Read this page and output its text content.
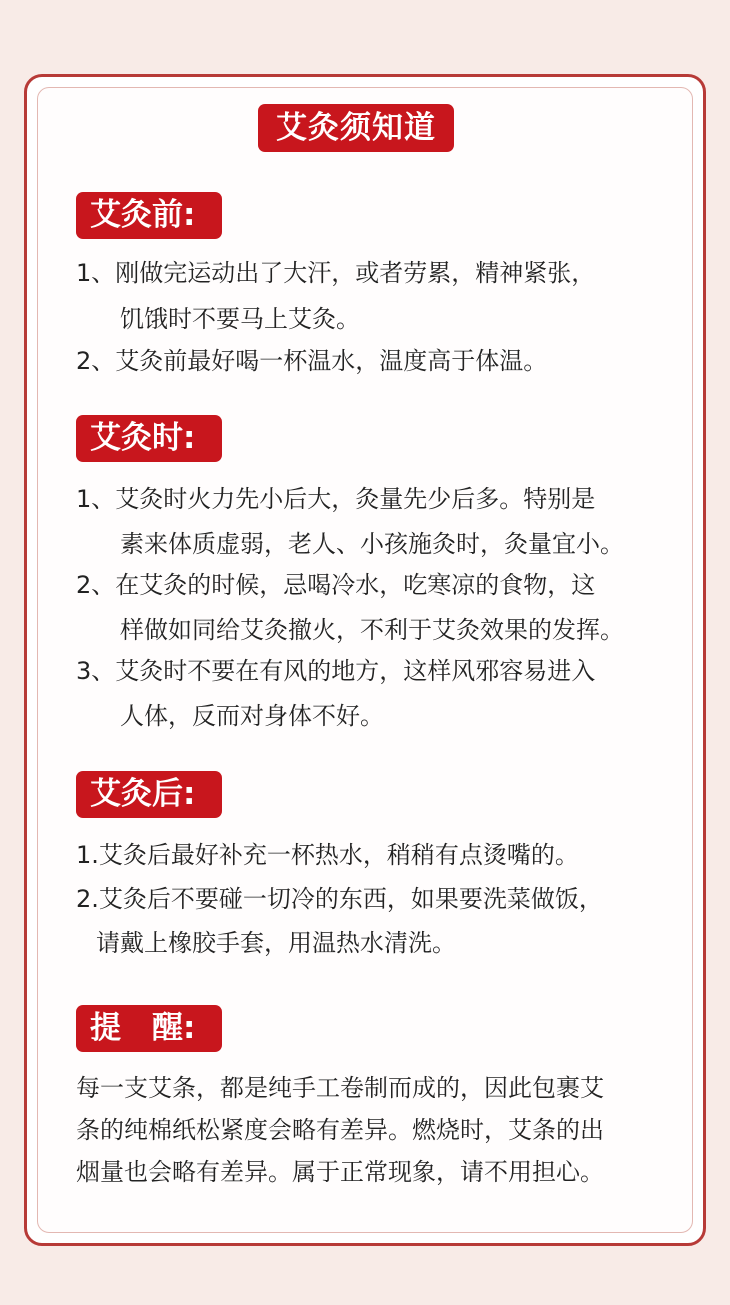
艾灸须知道
艾灸前:
1、刚做完运动出了大汗，或者劳累，精神紧张，
饥饿时不要马上艾灸。
2、艾灸前最好喝一杯温水，温度高于体温。
艾灸时:
1、艾灸时火力先小后大，灸量先少后多。特别是
素来体质虚弱，老人、小孩施灸时，灸量宜小。
2、在艾灸的时候，忌喝冷水，吃寒凉的食物，这
样做如同给艾灸撤火，不利于艾灸效果的发挥。
3、艾灸时不要在有风的地方，这样风邪容易进入
人体，反而对身体不好。
艾灸后:
1.艾灸后最好补充一杯热水，稍稍有点烫嘴的。
2.艾灸后不要碰一切冷的东西，如果要洗菜做饭，
请戴上橡胶手套，用温热水清洗。
提　醒:
每一支艾条，都是纯手工卷制而成的，因此包裹艾
条的纯棉纸松紧度会略有差异。燃烧时，艾条的出
烟量也会略有差异。属于正常现象，请不用担心。
